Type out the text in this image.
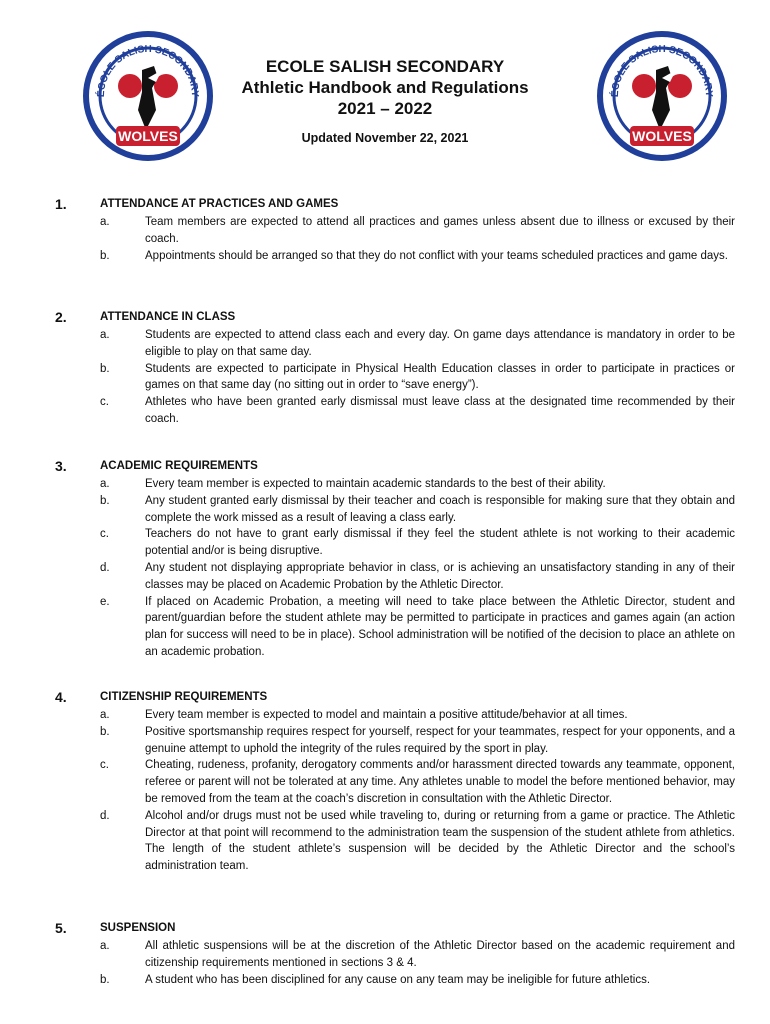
ÉCOLE SALISH SECONDARY
WOLVES
ECOLE SALISH SECONDARY
Athletic Handbook and Regulations
2021 – 2022
Updated November 22, 2021
ÉCOLE SALISH SECONDARY
WOLVES
1.	ATTENDANCE AT PRACTICES AND GAMES
a.	Team members are expected to attend all practices and games unless absent due to illness or excused by their coach.
b.	Appointments should be arranged so that they do not conflict with your teams scheduled practices and game days.
2.	ATTENDANCE IN CLASS
a.	Students are expected to attend class each and every day. On game days attendance is mandatory in order to be eligible to play on that same day.
b.	Students are expected to participate in Physical Health Education classes in order to participate in practices or games on that same day (no sitting out in order to “save energy”).
c.	Athletes who have been granted early dismissal must leave class at the designated time recommended by their coach.
3.	ACADEMIC REQUIREMENTS
a.	Every team member is expected to maintain academic standards to the best of their ability.
b.	Any student granted early dismissal by their teacher and coach is responsible for making sure that they obtain and complete the work missed as a result of leaving a class early.
c.	Teachers do not have to grant early dismissal if they feel the student athlete is not working to their academic potential and/or is being disruptive.
d.	Any student not displaying appropriate behavior in class, or is achieving an unsatisfactory standing in any of their classes may be placed on Academic Probation by the Athletic Director.
e.	If placed on Academic Probation, a meeting will need to take place between the Athletic Director, student and parent/guardian before the student athlete may be permitted to participate in practices and games again (an action plan for success will need to be in place). School administration will be notified of the decision to place an athlete on an academic probation.
4.	CITIZENSHIP REQUIREMENTS
a.	Every team member is expected to model and maintain a positive attitude/behavior at all times.
b.	Positive sportsmanship requires respect for yourself, respect for your teammates, respect for your opponents, and a genuine attempt to uphold the integrity of the rules required by the sport in play.
c.	Cheating, rudeness, profanity, derogatory comments and/or harassment directed towards any teammate, opponent, referee or parent will not be tolerated at any time. Any athletes unable to model the before mentioned behavior, may be removed from the team at the coach’s discretion in consultation with the Athletic Director.
d.	Alcohol and/or drugs must not be used while traveling to, during or returning from a game or practice. The Athletic Director at that point will recommend to the administration team the suspension of the student athlete from athletics. The length of the student athlete’s suspension will be decided by the Athletic Director and the school’s administration team.
5.	SUSPENSION
a.	All athletic suspensions will be at the discretion of the Athletic Director based on the academic requirement and citizenship requirements mentioned in sections 3 & 4.
b.	A student who has been disciplined for any cause on any team may be ineligible for future athletics.
